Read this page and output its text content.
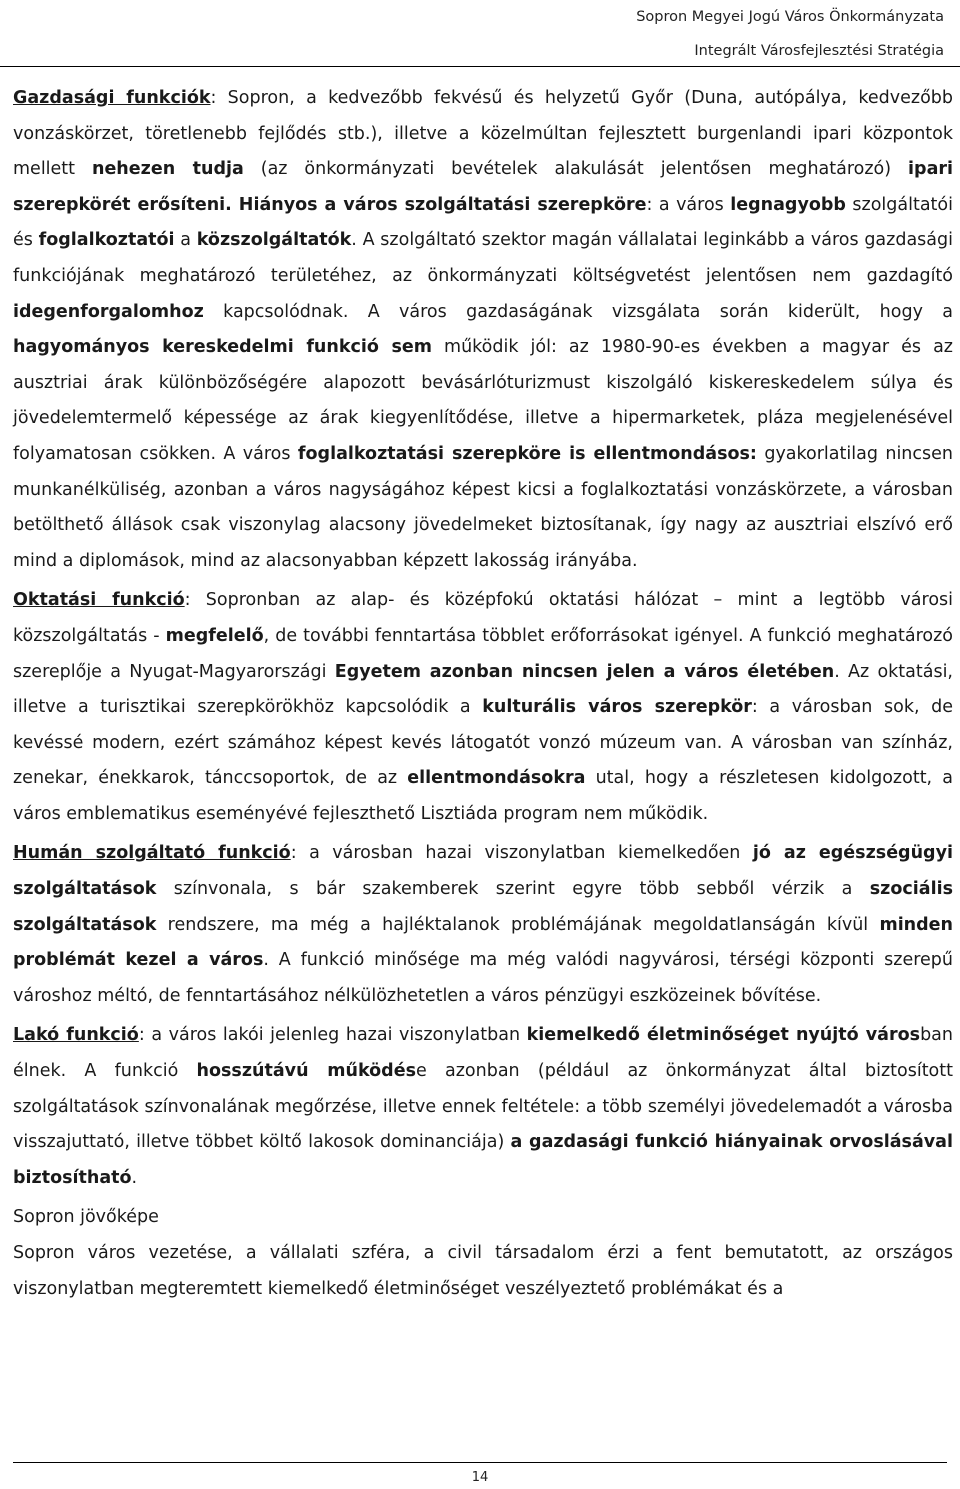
Sopron Megyei Jogú Város Önkormányzata
Integrált Városfejlesztési Stratégia

Gazdasági funkciók: Sopron, a kedvezőbb fekvésű és helyzetű Győr (Duna, autópálya, kedvezőbb vonzáskörzet, töretlenebb fejlődés stb.), illetve a közelmúltan fejlesztett burgenlandi ipari központok mellett nehezen tudja (az önkormányzati bevételek alakulását jelentősen meghatározó) ipari szerepkörét erősíteni. Hiányos a város szolgáltatási szerepköre: a város legnagyobb szolgáltatói és foglalkoztatói a közszolgáltatók. A szolgáltató szektor magán vállalatai leginkább a város gazdasági funkciójának meghatározó területéhez, az önkormányzati költségvetést jelentősen nem gazdagító idegenforgalomhoz kapcsolódnak. A város gazdaságának vizsgálata során kiderült, hogy a hagyományos kereskedelmi funkció sem működik jól: az 1980-90-es években a magyar és az ausztriai árak különbözőségére alapozott bevásárlóturizmust kiszolgáló kiskereskedelem súlya és jövedelemtermelő képessége az árak kiegyenlítődése, illetve a hipermarketek, pláza megjelenésével folyamatosan csökken. A város foglalkoztatási szerepköre is ellentmondásos: gyakorlatilag nincsen munkanélküliség, azonban a város nagyságához képest kicsi a foglalkoztatási vonzáskörzete, a városban betölthető állások csak viszonylag alacsony jövedelmeket biztosítanak, így nagy az ausztriai elszívó erő mind a diplomások, mind az alacsonyabban képzett lakosság irányába.

Oktatási funkció: Sopronban az alap- és középfokú oktatási hálózat – mint a legtöbb városi közszolgáltatás - megfelelő, de további fenntartása többlet erőforrásokat igényel. A funkció meghatározó szereplője a Nyugat-Magyarországi Egyetem azonban nincsen jelen a város életében. Az oktatási, illetve a turisztikai szerepkörökhöz kapcsolódik a kulturális város szerepkör: a városban sok, de kevéssé modern, ezért számához képest kevés látogatót vonzó múzeum van. A városban van színház, zenekar, énekkarok, tánccsoportok, de az ellentmondásokra utal, hogy a részletesen kidolgozott, a város emblematikus eseményévé fejleszthető Lisztiáda program nem működik.

Humán szolgáltató funkció: a városban hazai viszonylatban kiemelkedően jó az egészségügyi szolgáltatások színvonala, s bár szakemberek szerint egyre több sebből vérzik a szociális szolgáltatások rendszere, ma még a hajléktalanok problémájának megoldatlanságán kívül minden problémát kezel a város. A funkció minősége ma még valódi nagyvárosi, térségi központi szerepű városhoz méltó, de fenntartásához nélkülözhetetlen a város pénzügyi eszközeinek bővítése.

Lakó funkció: a város lakói jelenleg hazai viszonylatban kiemelkedő életminőséget nyújtó városban élnek. A funkció hosszútávú működése azonban (például az önkormányzat által biztosított szolgáltatások színvonalának megőrzése, illetve ennek feltétele: a több személyi jövedelemadót a városba visszajuttató, illetve többet költő lakosok dominanciája) a gazdasági funkció hiányainak orvoslásával biztosítható.

Sopron jövőképe

Sopron város vezetése, a vállalati szféra, a civil társadalom érzi a fent bemutatott, az országos viszonylatban megteremtett kiemelkedő életminőséget veszélyeztető problémákat és a

14
